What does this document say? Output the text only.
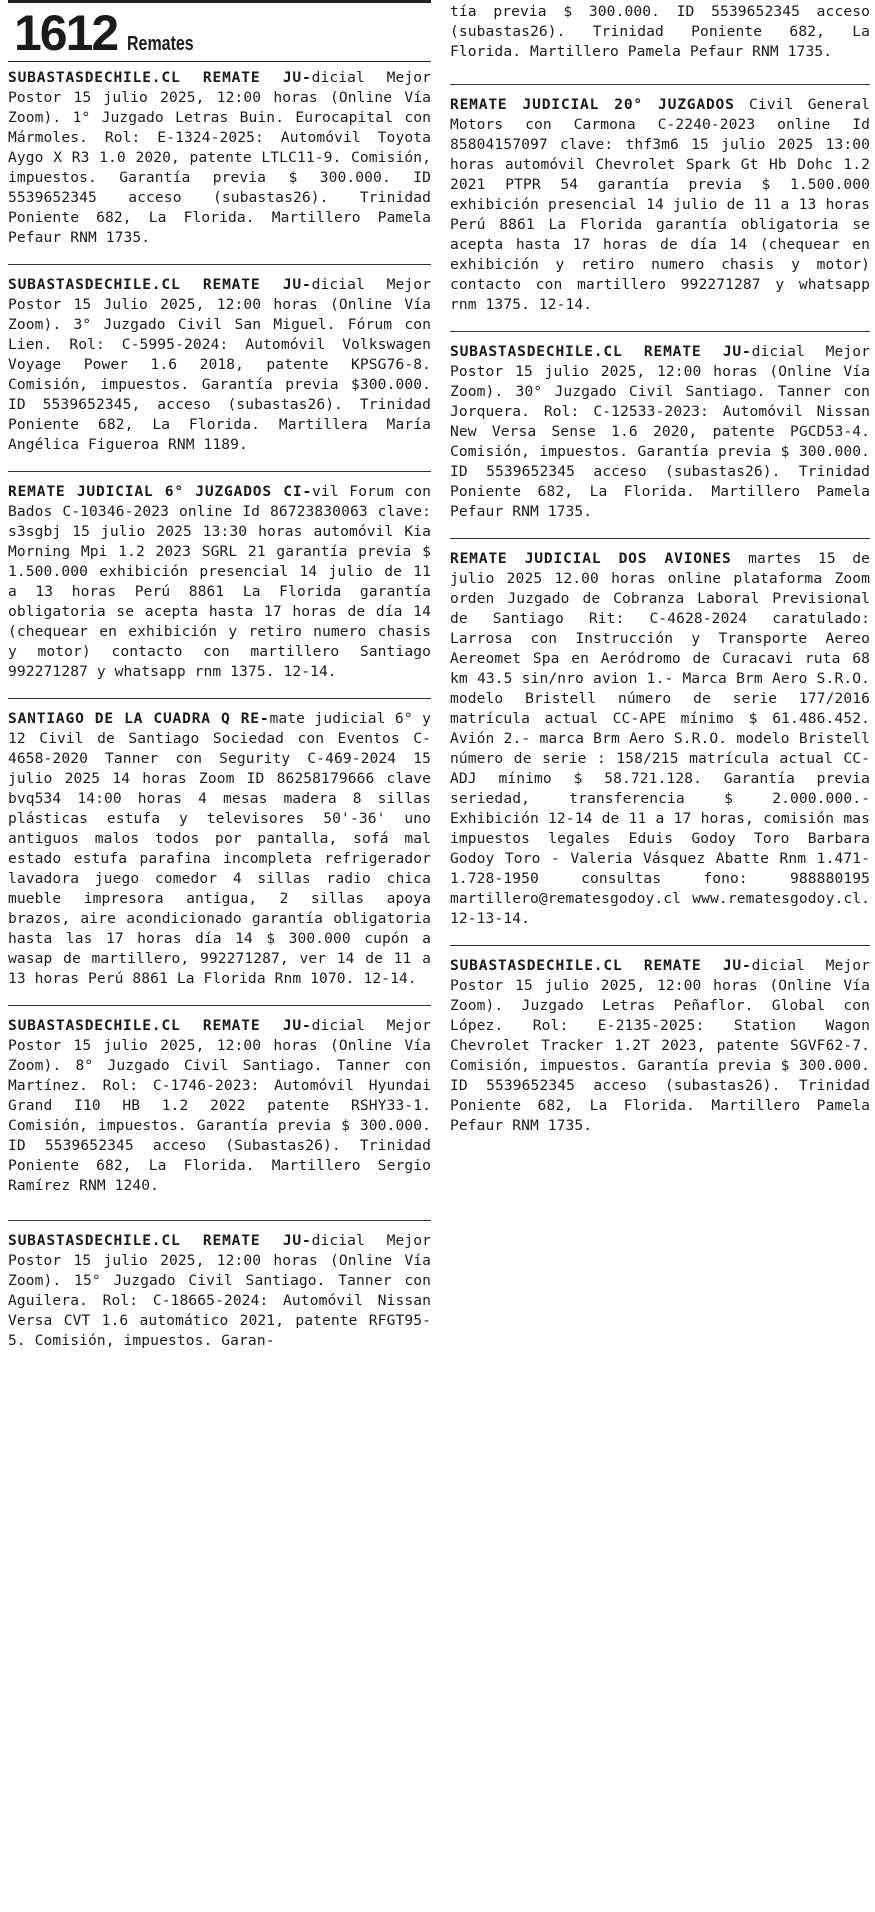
1612 Remates

SUBASTASDECHILE.CL REMATE JU-dicial Mejor Postor 15 julio 2025, 12:00 horas (Online Vía Zoom). 1° Juzgado Letras Buin. Eurocapital con Mármoles. Rol: E-1324-2025: Automóvil Toyota Aygo X R3 1.0 2020, patente LTLC11-9. Comisión, impuestos. Garantía previa $ 300.000. ID 5539652345 acceso (subastas26). Trinidad Poniente 682, La Florida. Martillero Pamela Pefaur RNM 1735.

SUBASTASDECHILE.CL REMATE JU-dicial Mejor Postor 15 Julio 2025, 12:00 horas (Online Vía Zoom). 3° Juzgado Civil San Miguel. Fórum con Lien. Rol: C-5995-2024: Automóvil Volkswagen Voyage Power 1.6 2018, patente KPSG76-8. Comisión, impuestos. Garantía previa $300.000. ID 5539652345, acceso (subastas26). Trinidad Poniente 682, La Florida. Martillera María Angélica Figueroa RNM 1189.

REMATE JUDICIAL 6° JUZGADOS CI-vil Forum con Bados C-10346-2023 online Id 86723830063 clave: s3sgbj 15 julio 2025 13:30 horas automóvil Kia Morning Mpi 1.2 2023 SGRL 21 garantía previa $ 1.500.000 exhibición presencial 14 julio de 11 a 13 horas Perú 8861 La Florida garantía obligatoria se acepta hasta 17 horas de día 14 (chequear en exhibición y retiro numero chasis y motor) contacto con martillero Santiago 992271287 y whatsapp rnm 1375. 12-14.

SANTIAGO DE LA CUADRA Q RE-mate judicial 6° y 12 Civil de Santiago Sociedad con Eventos C-4658-2020 Tanner con Segurity C-469-2024 15 julio 2025 14 horas Zoom ID 86258179666 clave bvq534 14:00 horas 4 mesas madera 8 sillas plásticas estufa y televisores 50'-36' uno antiguos malos todos por pantalla, sofá mal estado estufa parafina incompleta refrigerador lavadora juego comedor 4 sillas radio chica mueble impresora antigua, 2 sillas apoya brazos, aire acondicionado garantía obligatoria hasta las 17 horas día 14 $ 300.000 cupón a wasap de martillero, 992271287, ver 14 de 11 a 13 horas Perú 8861 La Florida Rnm 1070. 12-14.

SUBASTASDECHILE.CL REMATE JU-dicial Mejor Postor 15 julio 2025, 12:00 horas (Online Vía Zoom). 8° Juzgado Civil Santiago. Tanner con Martínez. Rol: C-1746-2023: Automóvil Hyundai Grand I10 HB 1.2 2022 patente RSHY33-1. Comisión, impuestos. Garantía previa $ 300.000. ID 5539652345 acceso (Subastas26). Trinidad Poniente 682, La Florida. Martillero Sergio Ramírez RNM 1240.

SUBASTASDECHILE.CL REMATE JU-dicial Mejor Postor 15 julio 2025, 12:00 horas (Online Vía Zoom). 15° Juzgado Civil Santiago. Tanner con Aguilera. Rol: C-18665-2024: Automóvil Nissan Versa CVT 1.6 automático 2021, patente RFGT95-5. Comisión, impuestos. Garan-

tía previa $ 300.000. ID 5539652345 acceso (subastas26). Trinidad Poniente 682, La Florida. Martillero Pamela Pefaur RNM 1735.

REMATE JUDICIAL 20° JUZGADOS Civil General Motors con Carmona C-2240-2023 online Id 85804157097 clave: thf3m6 15 julio 2025 13:00 horas automóvil Chevrolet Spark Gt Hb Dohc 1.2 2021 PTPR 54 garantía previa $ 1.500.000 exhibición presencial 14 julio de 11 a 13 horas Perú 8861 La Florida garantía obligatoria se acepta hasta 17 horas de día 14 (chequear en exhibición y retiro numero chasis y motor) contacto con martillero 992271287 y whatsapp rnm 1375. 12-14.

SUBASTASDECHILE.CL REMATE JU-dicial Mejor Postor 15 julio 2025, 12:00 horas (Online Vía Zoom). 30° Juzgado Civil Santiago. Tanner con Jorquera. Rol: C-12533-2023: Automóvil Nissan New Versa Sense 1.6 2020, patente PGCD53-4. Comisión, impuestos. Garantía previa $ 300.000. ID 5539652345 acceso (subastas26). Trinidad Poniente 682, La Florida. Martillero Pamela Pefaur RNM 1735.

REMATE JUDICIAL DOS AVIONES martes 15 de julio 2025 12.00 horas online plataforma Zoom orden Juzgado de Cobranza Laboral Previsional de Santiago Rit: C-4628-2024 caratulado: Larrosa con Instrucción y Transporte Aereo Aereomet Spa en Aeródromo de Curacavi ruta 68 km 43.5 sin/nro avion 1.- Marca Brm Aero S.R.O. modelo Bristell número de serie 177/2016 matrícula actual CC-APE mínimo $ 61.486.452. Avión 2.- marca Brm Aero S.R.O. modelo Bristell número de serie : 158/215 matrícula actual CC-ADJ mínimo $ 58.721.128. Garantía previa seriedad, transferencia $ 2.000.000.- Exhibición 12-14 de 11 a 17 horas, comisión mas impuestos legales Eduis Godoy Toro Barbara Godoy Toro - Valeria Vásquez Abatte Rnm 1.471-1.728-1950 consultas fono: 988880195 martillero@rematesgodoy.cl www.rematesgodoy.cl. 12-13-14.

SUBASTASDECHILE.CL REMATE JU-dicial Mejor Postor 15 julio 2025, 12:00 horas (Online Vía Zoom). Juzgado Letras Peñaflor. Global con López. Rol: E-2135-2025: Station Wagon Chevrolet Tracker 1.2T 2023, patente SGVF62-7. Comisión, impuestos. Garantía previa $ 300.000. ID 5539652345 acceso (subastas26). Trinidad Poniente 682, La Florida. Martillero Pamela Pefaur RNM 1735.
